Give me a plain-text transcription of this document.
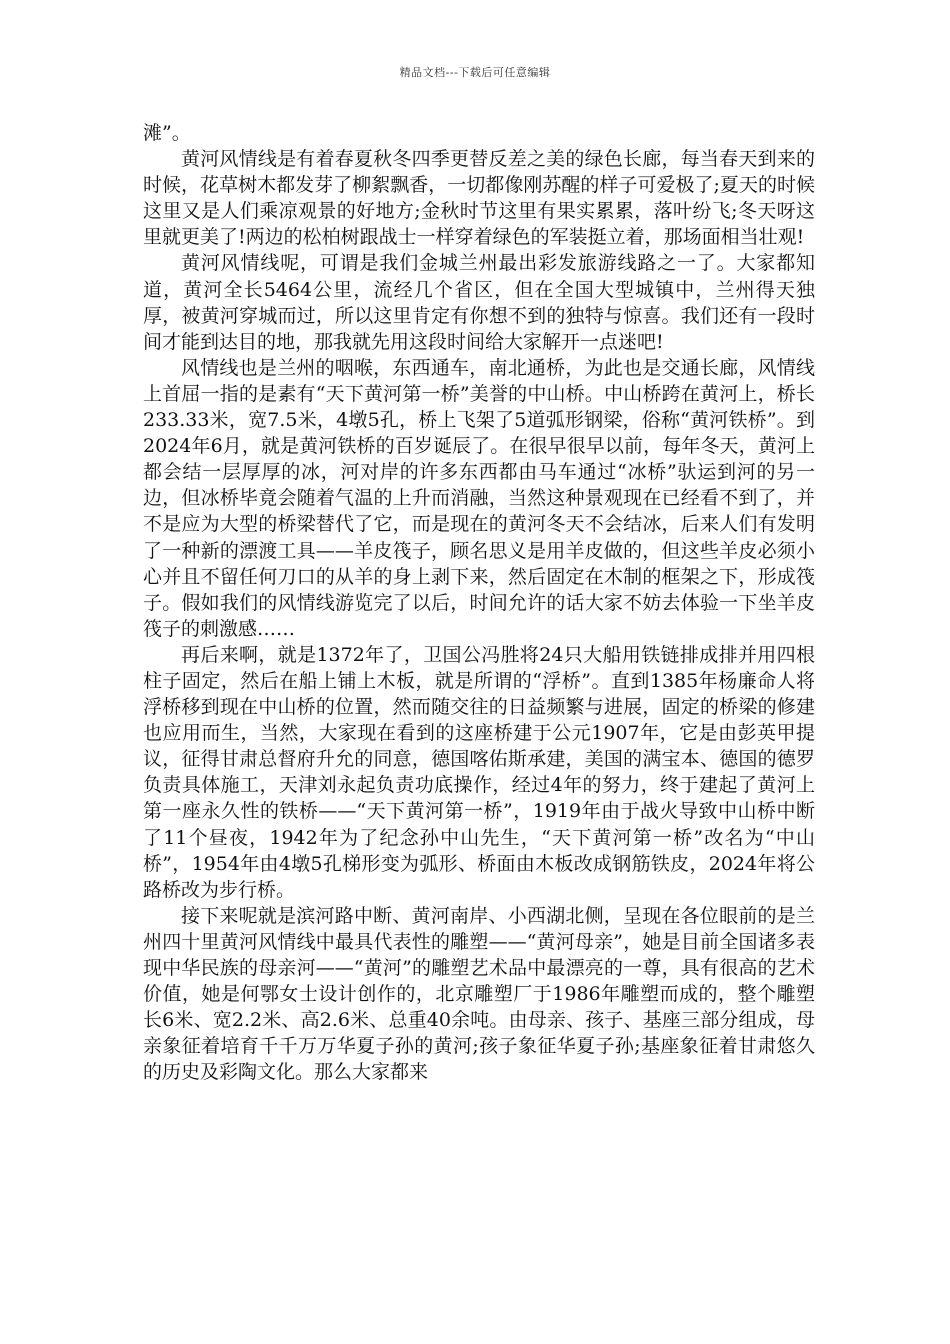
精品文档---下载后可任意编辑

滩”。

黄河风情线是有着春夏秋冬四季更替反差之美的绿色长廊，每当春天到来的时候，花草树木都发芽了柳絮飘香，一切都像刚苏醒的样子可爱极了;夏天的时候这里又是人们乘凉观景的好地方;金秋时节这里有果实累累，落叶纷飞;冬天呀这里就更美了!两边的松柏树跟战士一样穿着绿色的军装挺立着，那场面相当壮观!

黄河风情线呢，可谓是我们金城兰州最出彩发旅游线路之一了。大家都知道，黄河全长5464公里，流经几个省区，但在全国大型城镇中，兰州得天独厚，被黄河穿城而过，所以这里肯定有你想不到的独特与惊喜。我们还有一段时间才能到达目的地，那我就先用这段时间给大家解开一点迷吧!

风情线也是兰州的咽喉，东西通车，南北通桥，为此也是交通长廊，风情线上首屈一指的是素有“天下黄河第一桥”美誉的中山桥。中山桥跨在黄河上，桥长233.33米，宽7.5米，4墩5孔，桥上飞架了5道弧形钢梁，俗称“黄河铁桥”。到2024年6月，就是黄河铁桥的百岁诞辰了。在很早很早以前，每年冬天，黄河上都会结一层厚厚的冰，河对岸的许多东西都由马车通过“冰桥”驮运到河的另一边，但冰桥毕竟会随着气温的上升而消融，当然这种景观现在已经看不到了，并不是应为大型的桥梁替代了它，而是现在的黄河冬天不会结冰，后来人们有发明了一种新的漂渡工具——羊皮筏子，顾名思义是用羊皮做的，但这些羊皮必须小心并且不留任何刀口的从羊的身上剥下来，然后固定在木制的框架之下，形成筏子。假如我们的风情线游览完了以后，时间允许的话大家不妨去体验一下坐羊皮筏子的刺激感……

再后来啊，就是1372年了，卫国公冯胜将24只大船用铁链排成排并用四根柱子固定，然后在船上铺上木板，就是所谓的“浮桥”。直到1385年杨廉命人将浮桥移到现在中山桥的位置，然而随交往的日益频繁与进展，固定的桥梁的修建也应用而生，当然，大家现在看到的这座桥建于公元1907年，它是由彭英甲提议，征得甘肃总督府升允的同意，德国喀佑斯承建，美国的满宝本、德国的德罗负责具体施工，天津刘永起负责功底操作，经过4年的努力，终于建起了黄河上第一座永久性的铁桥——“天下黄河第一桥”，1919年由于战火导致中山桥中断了11个昼夜，1942年为了纪念孙中山先生，“天下黄河第一桥”改名为“中山桥”，1954年由4墩5孔梯形变为弧形、桥面由木板改成钢筋铁皮，2024年将公路桥改为步行桥。

接下来呢就是滨河路中断、黄河南岸、小西湖北侧，呈现在各位眼前的是兰州四十里黄河风情线中最具代表性的雕塑——“黄河母亲”，她是目前全国诸多表现中华民族的母亲河——“黄河”的雕塑艺术品中最漂亮的一尊，具有很高的艺术价值，她是何鄂女士设计创作的，北京雕塑厂于1986年雕塑而成的，整个雕塑长6米、宽2.2米、高2.6米、总重40余吨。由母亲、孩子、基座三部分组成，母亲象征着培育千千万万华夏子孙的黄河;孩子象征华夏子孙;基座象征着甘肃悠久的历史及彩陶文化。那么大家都来
